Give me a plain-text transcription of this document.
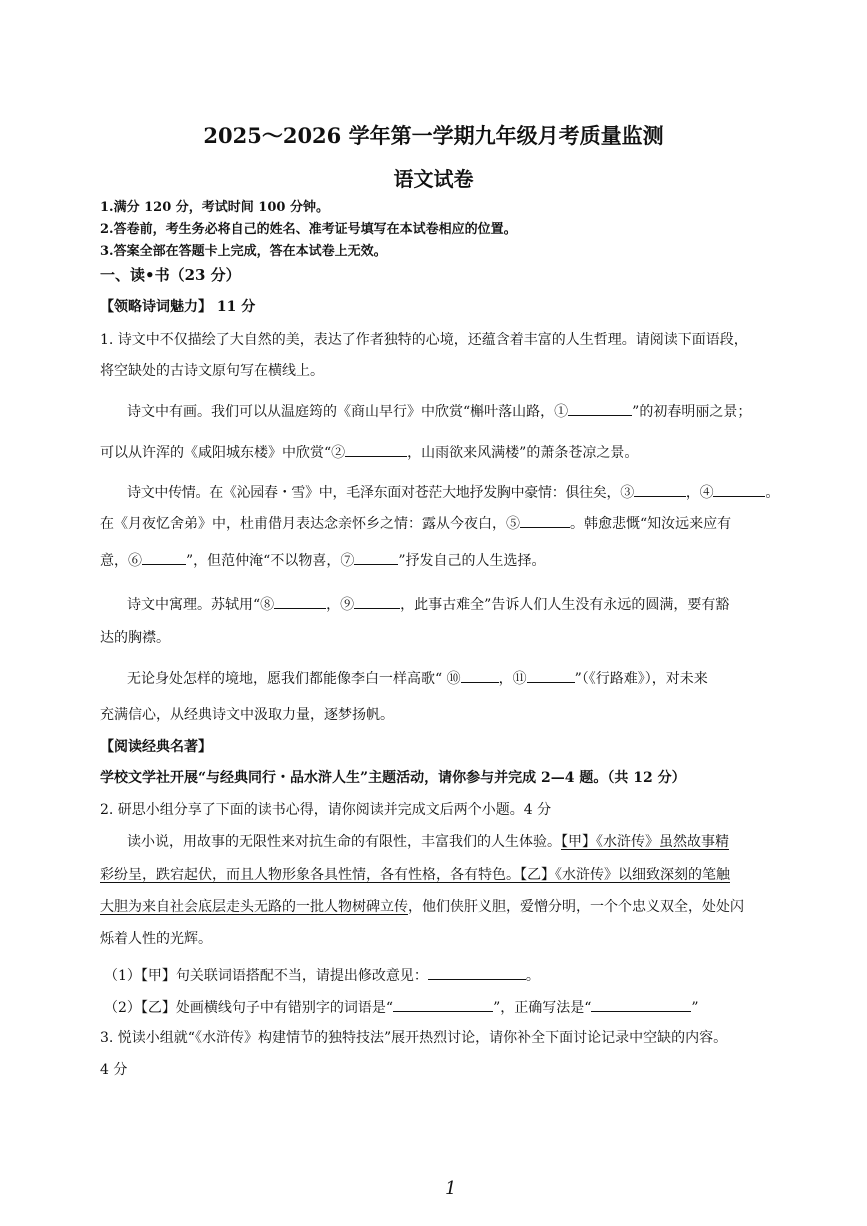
2025～2026 学年第一学期九年级月考质量监测
语文试卷
1.满分 120 分，考试时间 100 分钟。
2.答卷前，考生务必将自己的姓名、准考证号填写在本试卷相应的位置。
3.答案全部在答题卡上完成，答在本试卷上无效。
一、读•书（23 分）
【领略诗词魅力】 11 分
1. 诗文中不仅描绘了大自然的美，表达了作者独特的心境，还蕴含着丰富的人生哲理。请阅读下面语段，
将空缺处的古诗文原句写在横线上。
诗文中有画。我们可以从温庭筠的《商山早行》中欣赏“槲叶落山路，①	”的初春明丽之景；
可以从许浑的《咸阳城东楼》中欣赏“②	，山雨欲来风满楼”的萧条苍凉之景。
诗文中传情。在《沁园春・雪》中，毛泽东面对苍茫大地抒发胸中豪情：俱往矣，③	，④	。
在《月夜忆舍弟》中，杜甫借月表达念亲怀乡之情：露从今夜白，⑤	。韩愈悲慨“知汝远来应有
意，⑥	”，但范仲淹“不以物喜，⑦	”抒发自己的人生选择。
诗文中寓理。苏轼用“⑧	，⑨	，此事古难全”告诉人们人生没有永远的圆满，要有豁
达的胸襟。
无论身处怎样的境地，愿我们都能像李白一样高歌“ ⑩	，⑪	”（《行路难》），对未来
充满信心，从经典诗文中汲取力量，逐梦扬帆。
【阅读经典名著】
学校文学社开展“与经典同行・品水浒人生”主题活动，请你参与并完成 2—4 题。（共 12 分）
2. 研思小组分享了下面的读书心得，请你阅读并完成文后两个小题。4 分
读小说，用故事的无限性来对抗生命的有限性，丰富我们的人生体验。【甲】《水浒传》虽然故事精
彩纷呈，跌宕起伏，而且人物形象各具性情，各有性格，各有特色。【乙】《水浒传》以细致深刻的笔触
大胆为来自社会底层走头无路的一批人物树碑立传，他们侠肝义胆，爱憎分明，一个个忠义双全，处处闪
烁着人性的光辉。
（1）【甲】句关联词语搭配不当，请提出修改意见：	。
（2）【乙】处画横线句子中有错别字的词语是“	”，正确写法是“	”
3. 悦读小组就“《水浒传》构建情节的独特技法”展开热烈讨论，请你补全下面讨论记录中空缺的内容。
4 分
1
